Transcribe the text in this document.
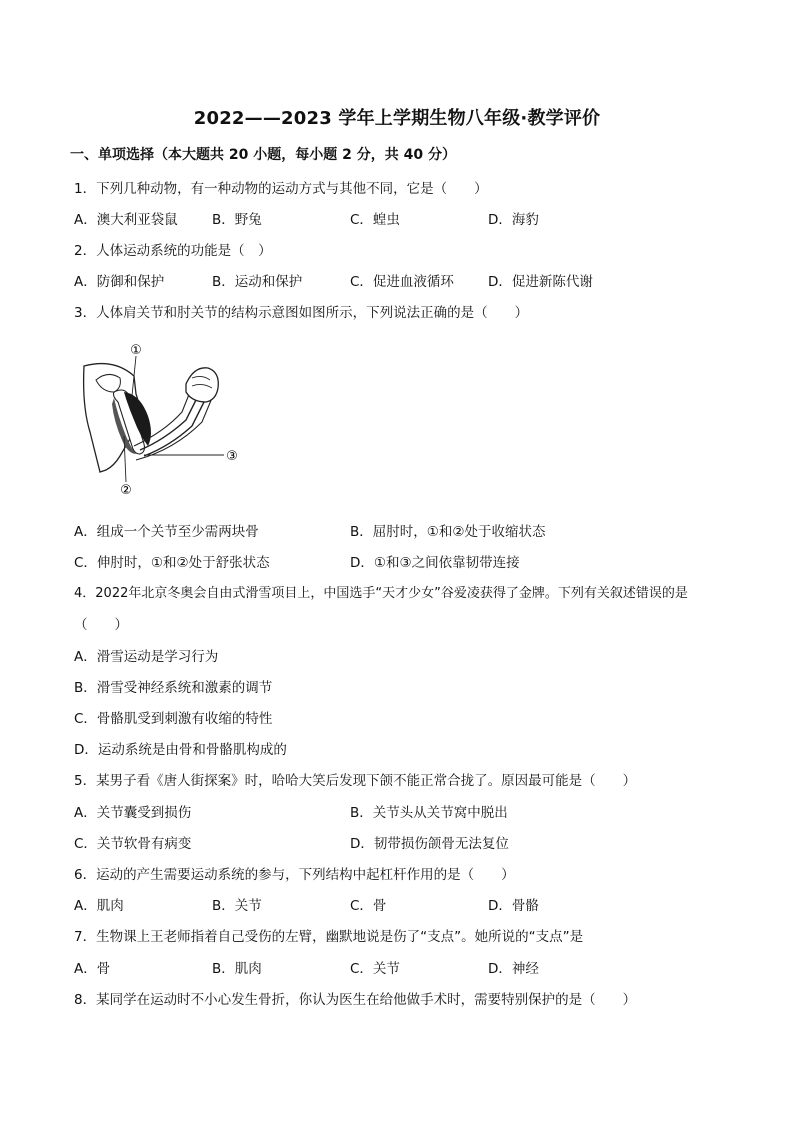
2022——2023 学年上学期生物八年级·教学评价
一、单项选择（本大题共 20 小题，每小题 2 分，共 40 分）
1．下列几种动物，有一种动物的运动方式与其他不同，它是（　　）
A．澳大利亚袋鼠	B．野兔	C．蝗虫	D．海豹
2．人体运动系统的功能是（　）
A．防御和保护	B．运动和保护	C．促进血液循环	D．促进新陈代谢
3．人体肩关节和肘关节的结构示意图如图所示，下列说法正确的是（　　）
①
②
③
A．组成一个关节至少需两块骨	B．屈肘时，①和②处于收缩状态
C．伸肘时，①和②处于舒张状态	D．①和③之间依靠韧带连接
4．2022年北京冬奥会自由式滑雪项目上，中国选手“天才少女”谷爱凌获得了金牌。下列有关叙述错误的是
（　　）
A．滑雪运动是学习行为
B．滑雪受神经系统和激素的调节
C．骨骼肌受到刺激有收缩的特性
D．运动系统是由骨和骨骼肌构成的
5．某男子看《唐人街探案》时，哈哈大笑后发现下颌不能正常合拢了。原因最可能是（　　）
A．关节囊受到损伤	B．关节头从关节窝中脱出
C．关节软骨有病变	D．韧带损伤颌骨无法复位
6．运动的产生需要运动系统的参与，下列结构中起杠杆作用的是（　　）
A．肌肉	B．关节	C．骨	D．骨骼
7．生物课上王老师指着自己受伤的左臂，幽默地说是伤了“支点”。她所说的“支点”是
A．骨	B．肌肉	C．关节	D．神经
8．某同学在运动时不小心发生骨折，你认为医生在给他做手术时，需要特别保护的是（　　）
